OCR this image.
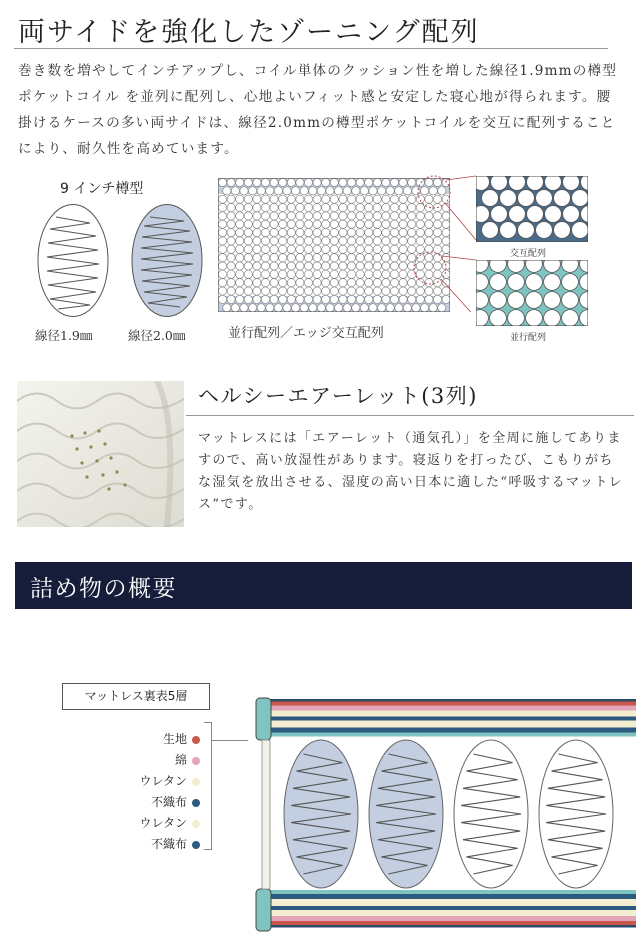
両サイドを強化したゾーニング配列
巻き数を増やしてインチアップし、コイル単体のクッション性を増した線径1.9mmの樽型ポケットコイル を並列に配列し、心地よいフィット感と安定した寝心地が得られます。腰掛けるケースの多い両サイドは、線径2.0mmの樽型ポケットコイルを交互に配列することにより、耐久性を高めています。
9 インチ樽型
線径1.9㎜	線径2.0㎜	並行配列／エッジ交互配列
交互配列
並行配列
ヘルシーエアーレット(3列)
マットレスには「エアーレット（通気孔）」を全周に施してありますので、高い放湿性があります。寝返りを打ったび、こもりがちな湿気を放出させる、湿度の高い日本に適した“呼吸するマットレス”です。
詰め物の概要
マットレス裏表5層
生地
綿
ウレタン
不織布
ウレタン
不織布
